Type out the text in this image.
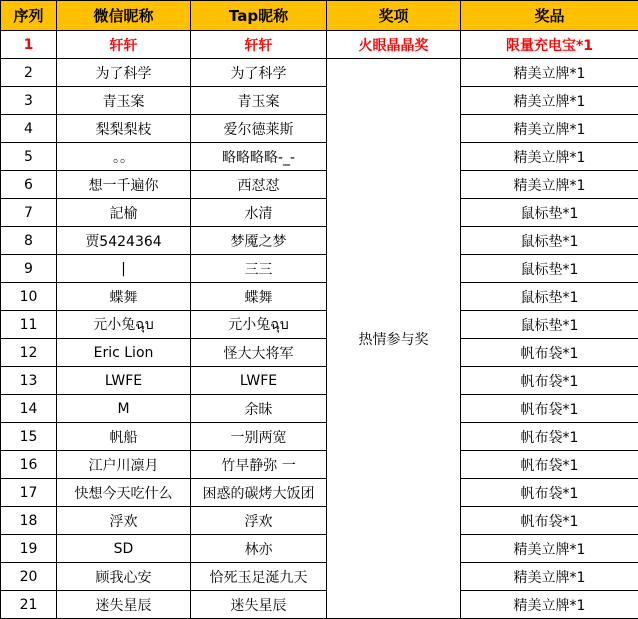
序列	微信昵称	Tap昵称	奖项	奖品
1	轩轩	轩轩	火眼晶晶奖	限量充电宝*1
2	为了科学	为了科学	热情参与奖	精美立牌*1
3	青玉案	青玉案		精美立牌*1
4	梨梨梨枝	爱尔德莱斯		精美立牌*1
5	。。	略略略略-_-		精美立牌*1
6	想一千遍你	西怼怼		精美立牌*1
7	記榆	水清		鼠标垫*1
8	贾5424364	梦魇之梦		鼠标垫*1
9	|	三三		鼠标垫*1
10	蝶舞	蝶舞		鼠标垫*1
11	元小兔ฉุบ	元小兔ฉุบ		鼠标垫*1
12	Eric Lion	怪大大将军		帆布袋*1
13	LWFE	LWFE		帆布袋*1
14	M	余昧		帆布袋*1
15	帆船	一别两宽		帆布袋*1
16	江户川凛月	竹早静弥 一		帆布袋*1
17	快想今天吃什么	困惑的碳烤大饭团		帆布袋*1
18	浮欢	浮欢		帆布袋*1
19	SD	林亦		精美立牌*1
20	顾我心安	恰死玉足涎九天		精美立牌*1
21	迷失星辰	迷失星辰		精美立牌*1
